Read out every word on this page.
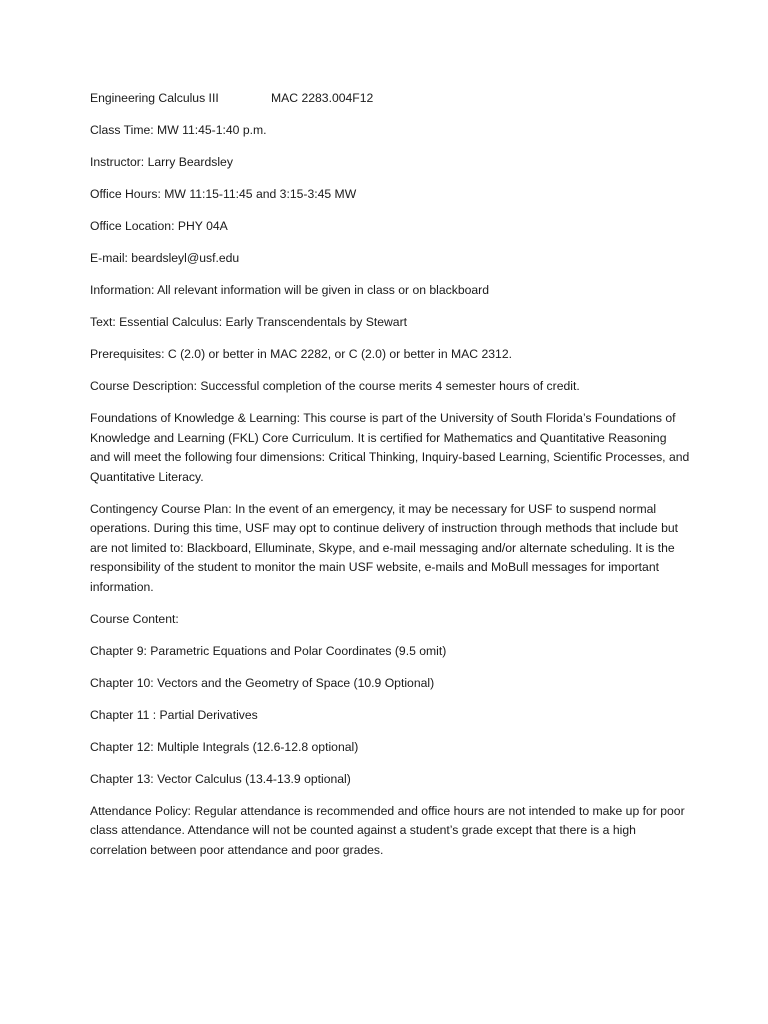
Engineering Calculus III	MAC 2283.004F12

Class Time: MW 11:45-1:40 p.m.

Instructor: Larry Beardsley

Office Hours: MW 11:15-11:45 and 3:15-3:45 MW

Office Location: PHY 04A

E-mail: beardsleyl@usf.edu

Information: All relevant information will be given in class or on blackboard

Text: Essential Calculus: Early Transcendentals by Stewart

Prerequisites: C (2.0) or better in MAC 2282, or C (2.0) or better in MAC 2312.

Course Description: Successful completion of the course merits 4 semester hours of credit.

Foundations of Knowledge & Learning: This course is part of the University of South Florida’s Foundations of Knowledge and Learning (FKL) Core Curriculum. It is certified for Mathematics and Quantitative Reasoning and will meet the following four dimensions: Critical Thinking, Inquiry-based Learning, Scientific Processes, and Quantitative Literacy.

Contingency Course Plan: In the event of an emergency, it may be necessary for USF to suspend normal operations. During this time, USF may opt to continue delivery of instruction through methods that include but are not limited to: Blackboard, Elluminate, Skype, and e-mail messaging and/or alternate scheduling. It is the responsibility of the student to monitor the main USF website, e-mails and MoBull messages for important information.

Course Content:

Chapter 9: Parametric Equations and Polar Coordinates (9.5 omit)

Chapter 10: Vectors and the Geometry of Space (10.9 Optional)

Chapter 11 : Partial Derivatives

Chapter 12: Multiple Integrals (12.6-12.8 optional)

Chapter 13: Vector Calculus (13.4-13.9 optional)

Attendance Policy: Regular attendance is recommended and office hours are not intended to make up for poor class attendance. Attendance will not be counted against a student’s grade except that there is a high correlation between poor attendance and poor grades.
